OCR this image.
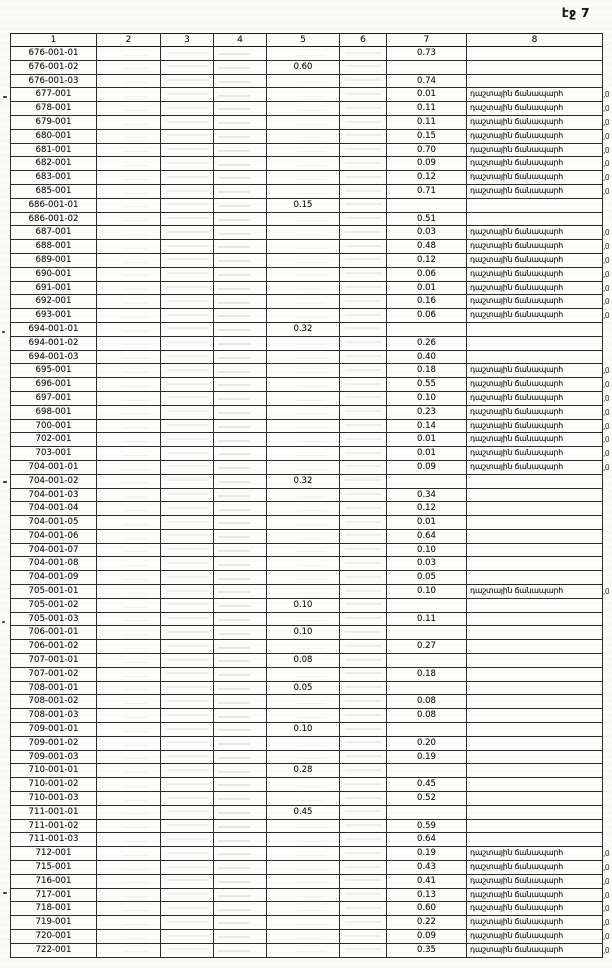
էջ 7
1	2	3	4	5	6	7	8
676-001-01						0.73	
676-001-02				0.60			
676-001-03						0.74	
677-001						0.01	դաշտային ճանապարհ
678-001						0.11	դաշտային ճանապարհ
679-001						0.11	դաշտային ճանապարհ
680-001						0.15	դաշտային ճանապարհ
681-001						0.70	դաշտային ճանապարհ
682-001						0.09	դաշտային ճանապարհ
683-001						0.12	դաշտային ճանապարհ
685-001						0.71	դաշտային ճանապարհ
686-001-01				0.15			
686-001-02						0.51	
687-001						0.03	դաշտային ճանապարհ
688-001						0.48	դաշտային ճանապարհ
689-001						0.12	դաշտային ճանապարհ
690-001						0.06	դաշտային ճանապարհ
691-001						0.01	դաշտային ճանապարհ
692-001						0.16	դաշտային ճանապարհ
693-001						0.06	դաշտային ճանապարհ
694-001-01				0.32			
694-001-02						0.26	
694-001-03						0.40	
695-001						0.18	դաշտային ճանապարհ
696-001						0.55	դաշտային ճանապարհ
697-001						0.10	դաշտային ճանապարհ
698-001						0.23	դաշտային ճանապարհ
700-001						0.14	դաշտային ճանապարհ
702-001						0.01	դաշտային ճանապարհ
703-001						0.01	դաշտային ճանապարհ
704-001-01						0.09	դաշտային ճանապարհ
704-001-02				0.32			
704-001-03						0.34	
704-001-04						0.12	
704-001-05						0.01	
704-001-06						0.64	
704-001-07						0.10	
704-001-08						0.03	
704-001-09						0.05	
705-001-01						0.10	դաշտային ճանապարհ
705-001-02				0.10			
705-001-03						0.11	
706-001-01				0.10			
706-001-02						0.27	
707-001-01				0.08			
707-001-02						0.18	
708-001-01				0.05			
708-001-02						0.08	
708-001-03						0.08	
709-001-01				0.10			
709-001-02						0.20	
709-001-03						0.19	
710-001-01				0.28			
710-001-02						0.45	
710-001-03						0.52	
711-001-01				0.45			
711-001-02						0.59	
711-001-03						0.64	
712-001						0.19	դաշտային ճանապարհ
715-001						0.43	դաշտային ճանապարհ
716-001						0.41	դաշտային ճանապարհ
717-001						0.13	դաշտային ճանապարհ
718-001						0.60	դաշտային ճանապարհ
719-001						0.22	դաշտային ճանապարհ
720-001						0.09	դաշտային ճանապարհ
722-001						0.35	դաշտային ճանապարհ
,0
,0
,0
,0
,0
,0
,0
,0
,0
,0
,0
,0
,0
,0
,0
,0
,0
,0
,0
,0
,0
,0
,0
,0
,0
,0
,0
,0
,0
,0
,0
,0
